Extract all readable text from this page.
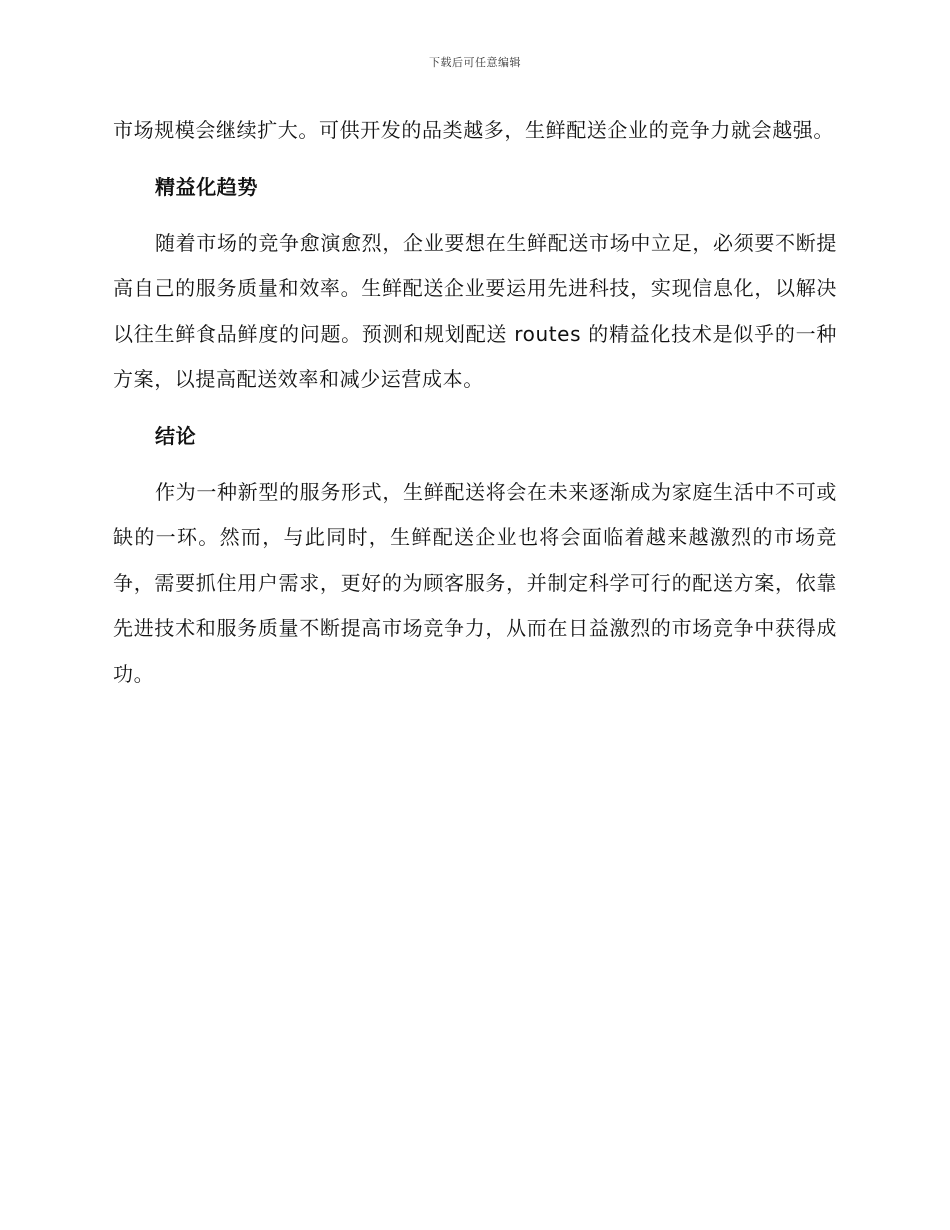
下载后可任意编辑

市场规模会继续扩大。可供开发的品类越多，生鲜配送企业的竞争力就会越强。

精益化趋势

随着市场的竞争愈演愈烈，企业要想在生鲜配送市场中立足，必须要不断提高自己的服务质量和效率。生鲜配送企业要运用先进科技，实现信息化，以解决以往生鲜食品鲜度的问题。预测和规划配送 routes 的精益化技术是似乎的一种方案，以提高配送效率和减少运营成本。

结论

作为一种新型的服务形式，生鲜配送将会在未来逐渐成为家庭生活中不可或缺的一环。然而，与此同时，生鲜配送企业也将会面临着越来越激烈的市场竞争，需要抓住用户需求，更好的为顾客服务，并制定科学可行的配送方案，依靠先进技术和服务质量不断提高市场竞争力，从而在日益激烈的市场竞争中获得成功。
